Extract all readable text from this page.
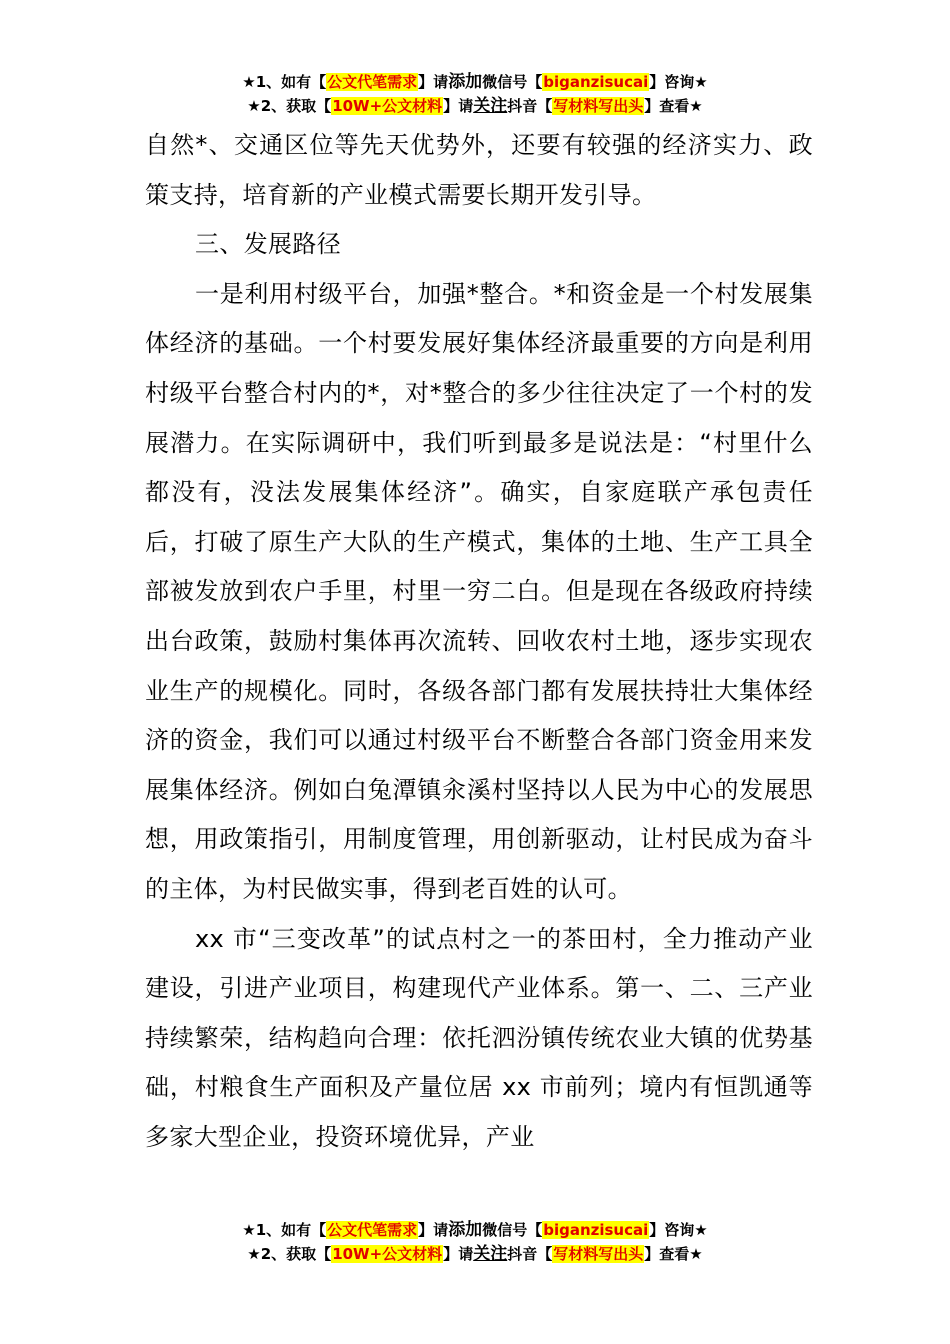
★1、如有【公文代笔需求】请添加微信号【biganzisucai】咨询★
★2、获取【10W+公文材料】请关注抖音【写材料写出头】查看★

自然*、交通区位等先天优势外，还要有较强的经济实力、政策支持，培育新的产业模式需要长期开发引导。

三、发展路径

一是利用村级平台，加强*整合。*和资金是一个村发展集体经济的基础。一个村要发展好集体经济最重要的方向是利用村级平台整合村内的*，对*整合的多少往往决定了一个村的发展潜力。在实际调研中，我们听到最多是说法是：“村里什么都没有，没法发展集体经济”。确实，自家庭联产承包责任后，打破了原生产大队的生产模式，集体的土地、生产工具全部被发放到农户手里，村里一穷二白。但是现在各级政府持续出台政策，鼓励村集体再次流转、回收农村土地，逐步实现农业生产的规模化。同时，各级各部门都有发展扶持壮大集体经济的资金，我们可以通过村级平台不断整合各部门资金用来发展集体经济。例如白兔潭镇汆溪村坚持以人民为中心的发展思想，用政策指引，用制度管理，用创新驱动，让村民成为奋斗的主体，为村民做实事，得到老百姓的认可。

xx 市“三变改革”的试点村之一的茶田村，全力推动产业建设，引进产业项目，构建现代产业体系。第一、二、三产业持续繁荣，结构趋向合理：依托泗汾镇传统农业大镇的优势基础，村粮食生产面积及产量位居 xx 市前列；境内有恒凯通等多家大型企业，投资环境优异，产业

★1、如有【公文代笔需求】请添加微信号【biganzisucai】咨询★
★2、获取【10W+公文材料】请关注抖音【写材料写出头】查看★
